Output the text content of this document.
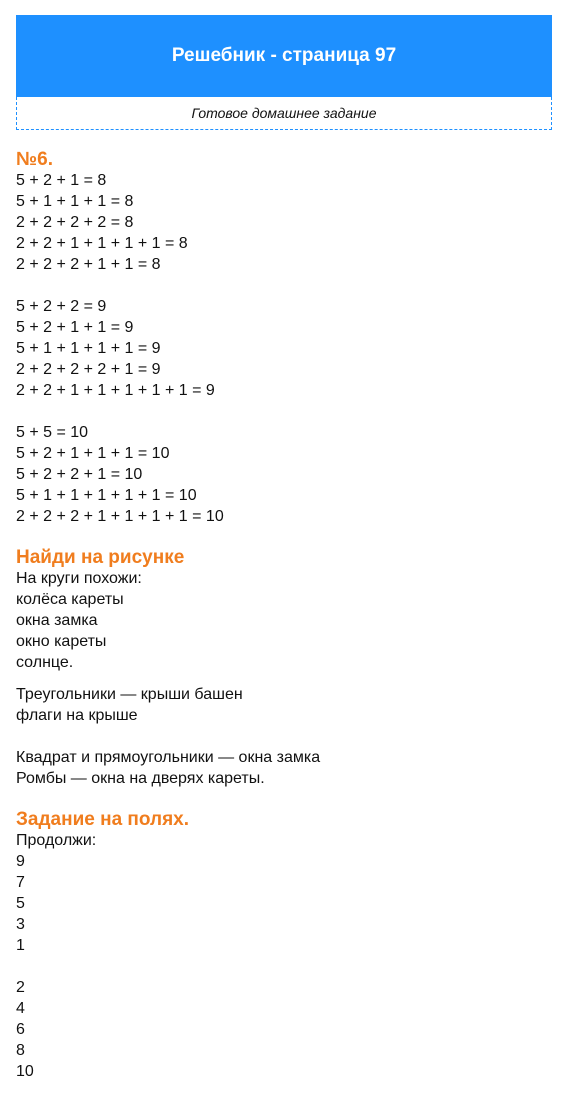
Решебник - страница 97
Готовое домашнее задание
№6.
5 + 2 + 1 = 8
5 + 1 + 1 + 1 = 8
2 + 2 + 2 + 2 = 8
2 + 2 + 1 + 1 + 1 + 1 = 8
2 + 2 + 2 + 1 + 1 = 8
5 + 2 + 2 = 9
5 + 2 + 1 + 1 = 9
5 + 1 + 1 + 1 + 1 = 9
2 + 2 + 2 + 2 + 1 = 9
2 + 2 + 1 + 1 + 1 + 1 + 1 = 9
5 + 5 = 10
5 + 2 + 1 + 1 + 1 = 10
5 + 2 + 2 + 1 = 10
5 + 1 + 1 + 1 + 1 + 1 = 10
2 + 2 + 2 + 1 + 1 + 1 + 1 = 10
Найди на рисунке
На круги похожи:
колёса кареты
окна замка
окно кареты
солнце.
Треугольники — крыши башен
флаги на крыше
Квадрат и прямоугольники — окна замка
Ромбы — окна на дверях кареты.
Задание на полях.
Продолжи:
9
7
5
3
1
2
4
6
8
10
